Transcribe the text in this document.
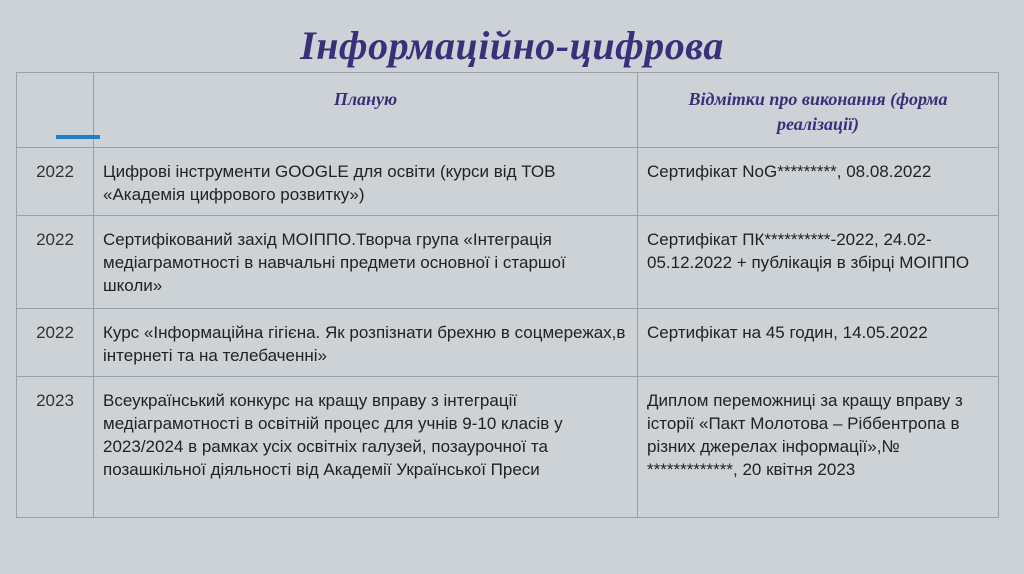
Інформаційно-цифрова

	Планую	Відмітки про виконання (форма реалізації)

2022	Цифрові інструменти GOOGLE для освіти (курси від ТОВ «Академія цифрового розвитку»)	Сертифікат NoG*********, 08.08.2022
2022	Сертифікований захід МОІППО.Творча група «Інтеграція медіаграмотності в навчальні предмети основної і старшої школи»	Сертифікат ПК**********-2022, 24.02-05.12.2022 + публікація в збірці МОІППО
2022	Курс «Інформаційна гігієна. Як розпізнати брехню в соцмережах,в інтернеті та на телебаченні»	Сертифікат на 45 годин, 14.05.2022
2023	Всеукраїнський конкурс на кращу вправу з інтеграції медіаграмотності в освітній процес для учнів 9-10 класів у 2023/2024 в рамках усіх освітніх галузей, позаурочної та позашкільної діяльності від Академії Української Преси	Диплом переможниці за кращу вправу з історії «Пакт Молотова – Ріббентропа в різних джерелах інформації»,№ *************, 20 квітня 2023
